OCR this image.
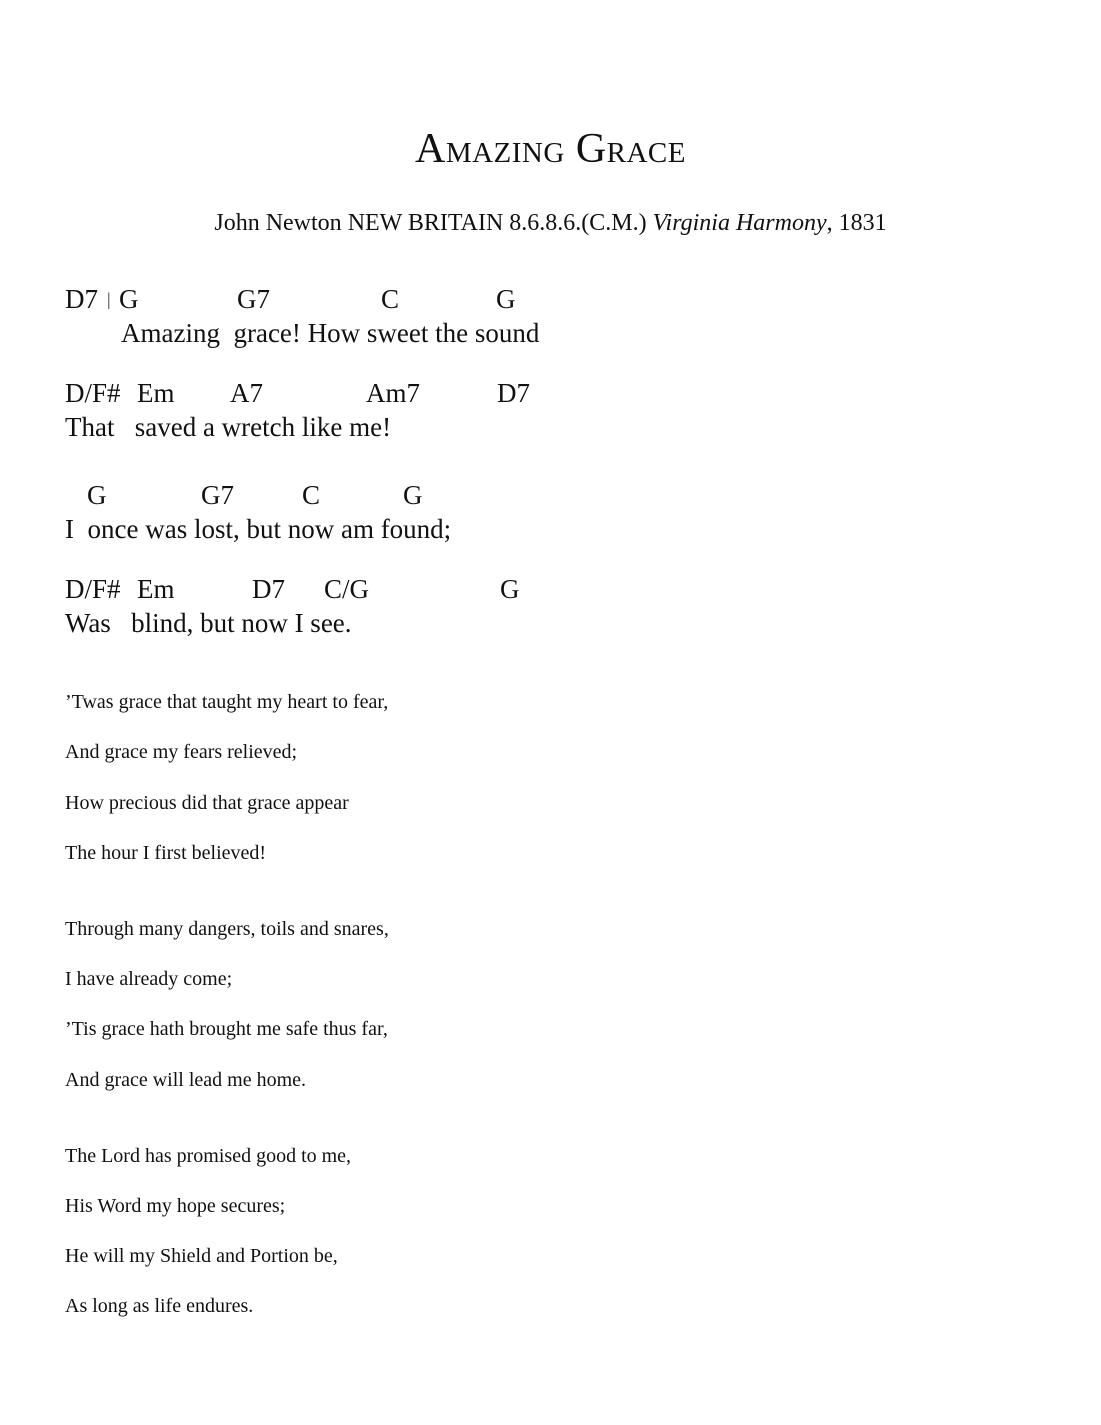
Amazing Grace
John Newton NEW BRITAIN 8.6.8.6.(C.M.) Virginia Harmony, 1831
D7 | G	G7	C	G
Amazing  grace! How sweet the sound
D/F# Em A7	Am7	D7
That   saved a wretch like me!
G	G7	C	G
I  once was lost, but now am found;
D/F# Em	D7 C/G	G
Was   blind, but now I see.
’Twas grace that taught my heart to fear,
And grace my fears relieved;
How precious did that grace appear
The hour I first believed!
Through many dangers, toils and snares,
I have already come;
’Tis grace hath brought me safe thus far,
And grace will lead me home.
The Lord has promised good to me,
His Word my hope secures;
He will my Shield and Portion be,
As long as life endures.
